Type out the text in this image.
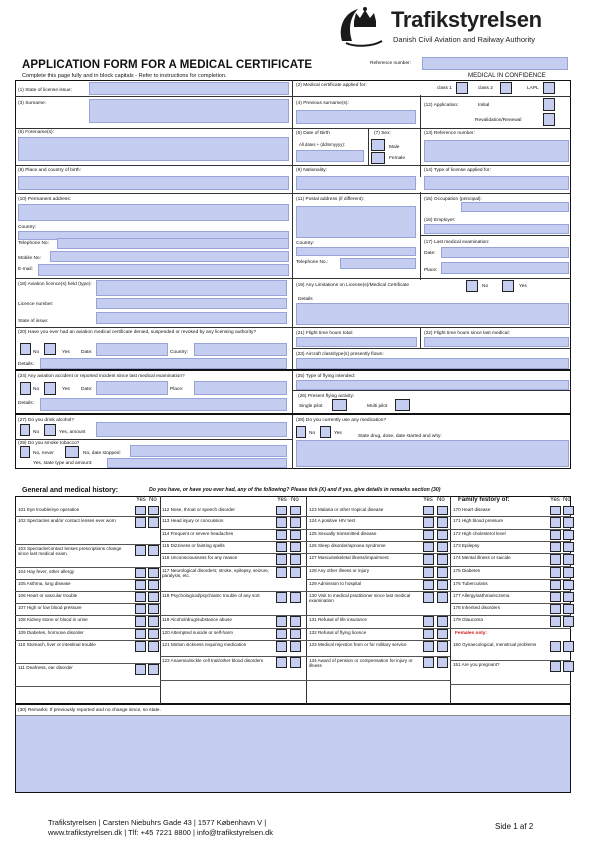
Trafikstyrelsen
Danish Civil Aviation and Railway Authority
APPLICATION FORM FOR A MEDICAL CERTIFICATE
Complete this page fully and in block capitals - Refer to instructions for completion.
Reference number:
MEDICAL IN CONFIDENCE
(1) State of license issue:
(2) Medical certificate applied for:
class 1	class 2	LAPL
(3) Surname:	(4) Previous surname(s):	(12) Application:	Initial
Revalidation/Renewal
(5) Forename(s):	(6) Date of Birth
All dates + (ddmmyyyy):
(7) Sex:
Male
Female
(13) Reference number:
(8) Place and country of birth:	(9) Nationality:	(14) Type of license applied for:
(10) Permanent address:
Country:
Telephone No:
Mobile No:
E-mail:
(11) Postal address (if different):
Country:
Telephone No.:
(15) Occupation (principal):
(16) Employer:
(17) Last medical examination:
Date:
Place:
(18) Aviation licence(s) held (type):
Licence number:
State of issue:
(19) Any Limitations on License(s)/Medical Certificate	No	Yes
Details
(20) Have you ever had an aviation medical certificate denied, suspended or revoked by any licensing authority?
No	Yes Date:	Country:
Details:
(21) Flight time hours total:	(22) Flight time hours since last medical:
(23) Aircraft class/type(s) presently flown:
(24) Any aviation accident or reported incident since last medical examination?
No	Yes Date:	Place:
Details:
(25) Type of flying intended:
(26) Present flying activity:
Single pilot	Multi pilot
(27) Do you drink alcohol?
No	Yes, amount
(28) Do you currently use any medication?
No	Yes
State drug, dose, date started and why:
(29) Do you smoke tobacco?
No, never	No, date stopped:
Yes, state type and amount:
General and medical history:	Do you have, or have you ever had, any of the following? Please tick (X) and if yes, give details in remarks section (30)
Yes No	Yes No	Yes No	Yes No
Family history of:
101 Eye trouble/eye operation
102 Spectacles and/or contact lenses ever worn
103 Spectacle/contact lenses prescriptions change since last medical exam.
104 Hay fever, other allergy
105 Asthma, lung disease
106 Heart or vascular trouble
107 High or low blood pressure
108 Kidney stone or blood in urine
109 Diabetes, hormone disorder
110 Stomach, liver or intestinal trouble
111 Deafness, ear disorder
112 Nose, throat or speech disorder
113 Head injury or concussion
114 Frequent or severe headaches
115 Dizziness or fainting spells
116 Unconsciousness for any reason
117 Neurological disorders; stroke, epilepsy, seizure, paralysis, etc.
118 Psychological/psychiatric trouble of any sort
119 Alcohol/drug/substance abuse
120 Attempted suicide or self-harm
121 Motion sickness requiring medication
122 Anaemia/sickle cell trait/other blood disorders
123 Malaria or other tropical disease
124 A positive HIV test
125 Sexually transmitted disease
126 Sleep disorder/apnoea syndrome
127 Musculoskeletal illness/impairment
128 Any other illness or injury
129 Admission to hospital
130 Visit to medical practitioner since last medical examination
131 Refusal of life insurance
132 Refusal of flying licence
133 Medical rejection from or for military service
134 Award of pension or compensation for injury or illness
170 Heart disease
171 High blood pressure
172 High cholesterol level
173 Epilepsy
174 Mental illness or suicide
175 Diabetes
176 Tuberculosis
177 Allergy/asthma/eczema
178 Inherited disorders
179 Glaucoma
150 Gynaecological, menstrual problems
151 Are you pregnant?
Females only:
(30) Remarks: If previously reported and no change since, so state.
Trafikstyrelsen | Carsten Niebuhrs Gade 43 | 1577 København V |
www.trafikstyrelsen.dk | Tlf: +45 7221 8800 | info@trafikstyrelsen.dk
Side 1 af 2
